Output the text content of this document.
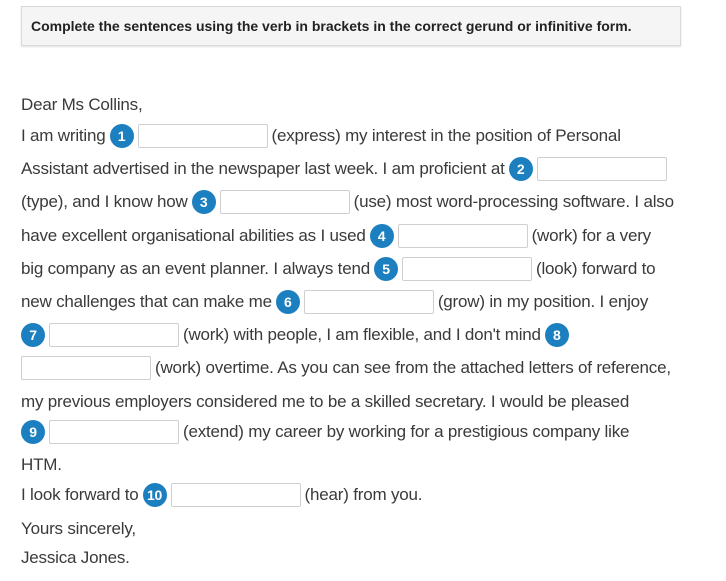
Complete the sentences using the verb in brackets in the correct gerund or infinitive form.
Dear Ms Collins,
I am writing 1	(express) my interest in the position of Personal
Assistant advertised in the newspaper last week. I am proficient at 2
(type), and I know how 3	(use) most word-processing software. I also
have excellent organisational abilities as I used 4	(work) for a very
big company as an event planner. I always tend 5	(look) forward to
new challenges that can make me 6	(grow) in my position. I enjoy
7	(work) with people, I am flexible, and I don't mind 8
(work) overtime. As you can see from the attached letters of reference,
my previous employers considered me to be a skilled secretary. I would be pleased
9	(extend) my career by working for a prestigious company like
HTM.
I look forward to 10	(hear) from you.
Yours sincerely,
Jessica Jones.
